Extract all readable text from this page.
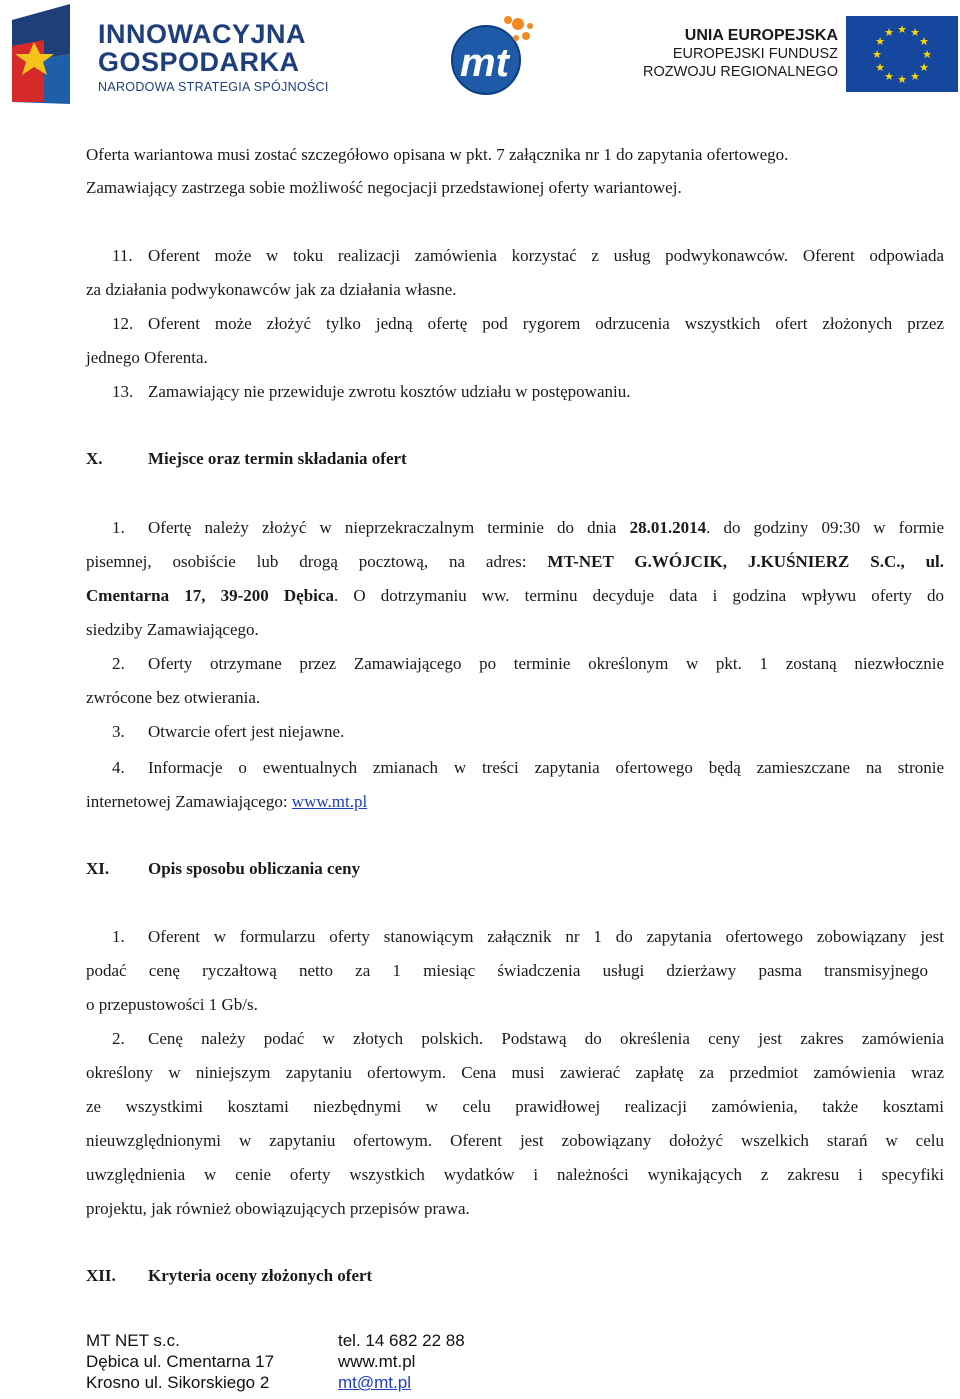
INNOWACYJNA
GOSPODARKA
NARODOWA STRATEGIA SPÓJNOŚCI
mt
UNIA EUROPEJSKA
EUROPEJSKI FUNDUSZ
ROZWOJU REGIONALNEGO
★ ★
★
★
★
★
★
★
★
★
★
★
Oferta wariantowa musi zostać szczegółowo opisana w pkt. 7 załącznika nr 1 do zapytania ofertowego.
Zamawiający zastrzega sobie możliwość negocjacji przedstawionej oferty wariantowej.
11. Oferent może w toku realizacji zamówienia korzystać z usług podwykonawców. Oferent odpowiada
za działania podwykonawców jak za działania własne.
12. Oferent może złożyć tylko jedną ofertę pod rygorem odrzucenia wszystkich ofert złożonych przez
jednego Oferenta.
13. Zamawiający nie przewiduje zwrotu kosztów udziału w postępowaniu.
X.	Miejsce oraz termin składania ofert
1. Ofertę należy złożyć w nieprzekraczalnym terminie do dnia 28.01.2014. do godziny 09:30 w formie
pisemnej, osobiście lub drogą pocztową, na adres: MT-NET G.WÓJCIK, J.KUŚNIERZ S.C., ul.
Cmentarna 17, 39-200 Dębica. O dotrzymaniu ww. terminu decyduje data i godzina wpływu oferty do
siedziby Zamawiającego.
2. Oferty otrzymane przez Zamawiającego po terminie określonym w pkt. 1 zostaną niezwłocznie
zwrócone bez otwierania.
3. Otwarcie ofert jest niejawne.
4. Informacje o ewentualnych zmianach w treści zapytania ofertowego będą zamieszczane na stronie
internetowej Zamawiającego: www.mt.pl
XI. Opis sposobu obliczania ceny
1. Oferent w formularzu oferty stanowiącym załącznik nr 1 do zapytania ofertowego zobowiązany jest
podać cenę ryczałtową netto za 1 miesiąc świadczenia usługi dzierżawy pasma transmisyjnego
o przepustowości 1 Gb/s.
2. Cenę należy podać w złotych polskich. Podstawą do określenia ceny jest zakres zamówienia
określony w niniejszym zapytaniu ofertowym. Cena musi zawierać zapłatę za przedmiot zamówienia wraz
ze wszystkimi kosztami niezbędnymi w celu prawidłowej realizacji zamówienia, także kosztami
nieuwzględnionymi w zapytaniu ofertowym. Oferent jest zobowiązany dołożyć wszelkich starań w celu
uwzględnienia w cenie oferty wszystkich wydatków i należności wynikających z zakresu i specyfiki
projektu, jak również obowiązujących przepisów prawa.
XII. Kryteria oceny złożonych ofert
MT NET s.c.
Dębica ul. Cmentarna 17
Krosno ul. Sikorskiego 2
tel. 14 682 22 88
www.mt.pl
mt@mt.pl
